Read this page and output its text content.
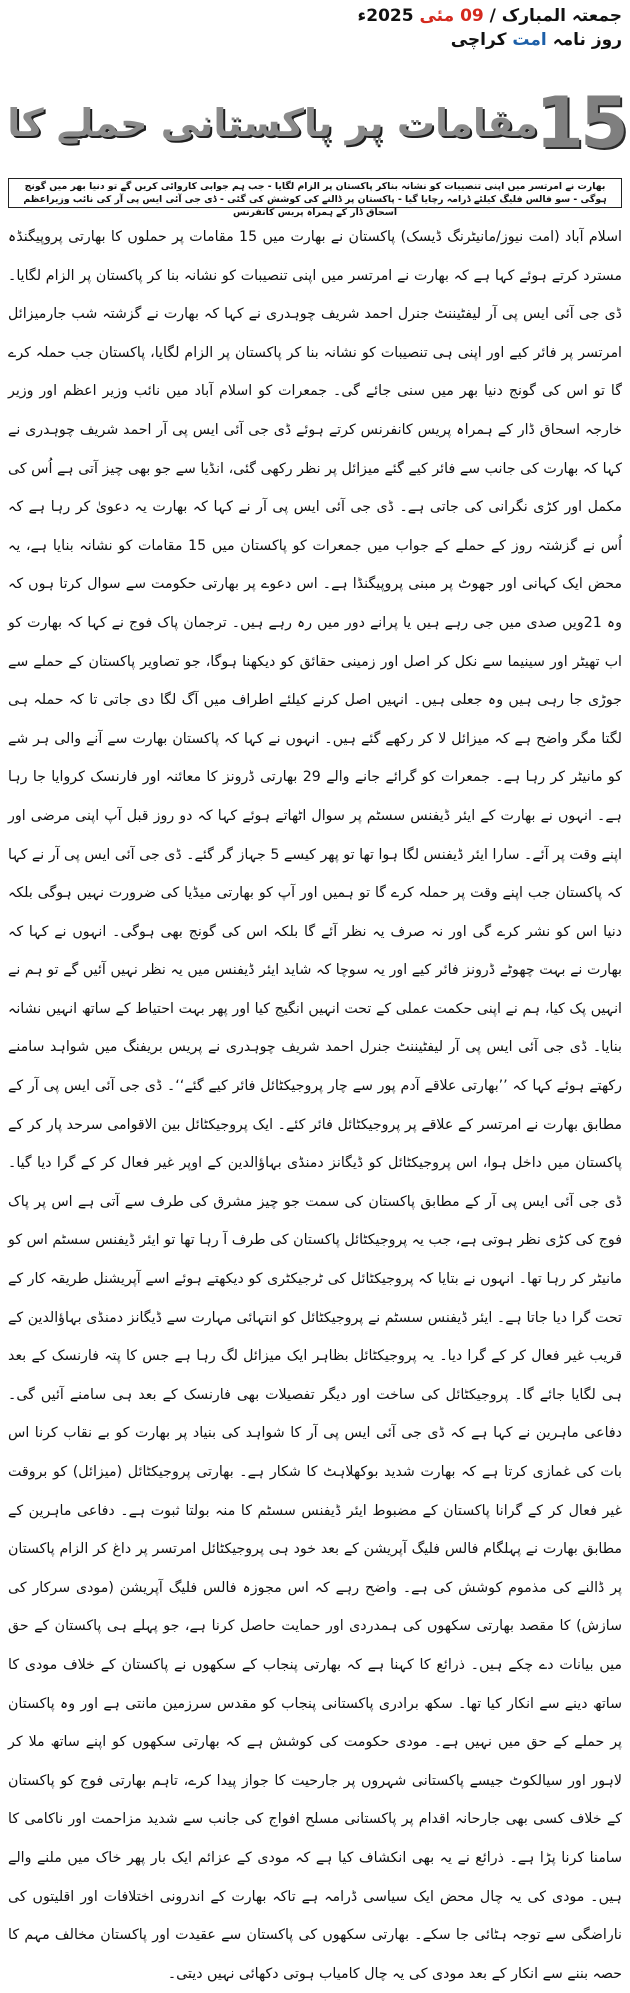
جمعتہ المبارک / 09 مئی 2025ء
روز نامہ امت کراچی
15
مقامات پر پاکستانی حملے کا
بھارت نے امرتسر میں اپنی تنصیبات کو نشانہ بناکر پاکستان پر الزام لگایا - جب ہم جوابی کاروائی کریں گے تو دنیا بھر میں گونج ہوگی - سو فالس فلیگ کیلئے ڈرامہ رچایا گیا - پاکستان پر ڈالنے کی کوشش کی گئی - ڈی جی آئی ایس پی آر کی نائب وزیراعظم اسحاق ڈار کے ہمراہ پریس کانفرنس

اسلام آباد (امت نیوز/مانیٹرنگ ڈیسک) پاکستان نے بھارت میں 15 مقامات پر حملوں کا بھارتی پروپیگنڈہ مسترد کرتے ہوئے کہا ہے کہ بھارت نے امرتسر میں اپنی تنصیبات کو نشانہ بنا کر پاکستان پر الزام لگایا۔ ڈی جی آئی ایس پی آر لیفٹیننٹ جنرل احمد شریف چوہدری نے کہا کہ بھارت نے گزشتہ شب جارمیزائل امرتسر پر فائر کیے اور اپنی ہی تنصیبات کو نشانہ بنا کر پاکستان پر الزام لگایا، پاکستان جب حملہ کرے گا تو اس کی گونج دنیا بھر میں سنی جائے گی۔ جمعرات کو اسلام آباد میں نائب وزیر اعظم اور وزیر خارجہ اسحاق ڈار کے ہمراہ پریس کانفرنس کرتے ہوئے ڈی جی آئی ایس پی آر احمد شریف چوہدری نے کہا کہ بھارت کی جانب سے فائر کیے گئے میزائل پر نظر رکھی گئی، انڈیا سے جو بھی چیز آتی ہے اُس کی مکمل اور کڑی نگرانی کی جاتی ہے۔ ڈی جی آئی ایس پی آر نے کہا کہ بھارت یہ دعویٰ کر رہا ہے کہ اُس نے گزشتہ روز کے حملے کے جواب میں جمعرات کو پاکستان میں 15 مقامات کو نشانہ بنایا ہے، یہ محض ایک کہانی اور جھوٹ پر مبنی پروپیگنڈا ہے۔ اس دعوے پر بھارتی حکومت سے سوال کرتا ہوں کہ وہ 21ویں صدی میں جی رہے ہیں یا پرانے دور میں رہ رہے ہیں۔ ترجمان پاک فوج نے کہا کہ بھارت کو اب تھیٹر اور سینیما سے نکل کر اصل اور زمینی حقائق کو دیکھنا ہوگا، جو تصاویر پاکستان کے حملے سے جوڑی جا رہی ہیں وہ جعلی ہیں۔ انہیں اصل کرنے کیلئے اطراف میں آگ لگا دی جاتی تا کہ حملہ ہی لگتا مگر واضح ہے کہ میزائل لا کر رکھے گئے ہیں۔ انہوں نے کہا کہ پاکستان بھارت سے آنے والی ہر شے کو مانیٹر کر رہا ہے۔ جمعرات کو گرائے جانے والے 29 بھارتی ڈرونز کا معائنہ اور فارنسک کروایا جا رہا ہے۔ انہوں نے بھارت کے ایئر ڈیفنس سسٹم پر سوال اٹھاتے ہوئے کہا کہ دو روز قبل آپ اپنی مرضی اور اپنے وقت پر آئے۔ سارا ایئر ڈیفنس لگا ہوا تھا تو پھر کیسے 5 جہاز گر گئے۔ ڈی جی آئی ایس پی آر نے کہا کہ پاکستان جب اپنے وقت پر حملہ کرے گا تو ہمیں اور آپ کو بھارتی میڈیا کی ضرورت نہیں ہوگی بلکہ دنیا اس کو نشر کرے گی اور نہ صرف یہ نظر آئے گا بلکہ اس کی گونج بھی ہوگی۔ انہوں نے کہا کہ بھارت نے بہت چھوٹے ڈرونز فائر کیے اور یہ سوچا کہ شاید ایئر ڈیفنس میں یہ نظر نہیں آئیں گے تو ہم نے انہیں پک کیا، ہم نے اپنی حکمت عملی کے تحت انہیں انگیج کیا اور پھر بہت احتیاط کے ساتھ انہیں نشانہ بنایا۔ ڈی جی آئی ایس پی آر لیفٹیننٹ جنرل احمد شریف چوہدری نے پریس بریفنگ میں شواہد سامنے رکھتے ہوئے کہا کہ ’’بھارتی علاقے آدم پور سے چار پروجیکٹائل فائر کیے گئے‘‘۔ ڈی جی آئی ایس پی آر کے مطابق بھارت نے امرتسر کے علاقے پر پروجیکٹائل فائر کئے۔ ایک پروجیکٹائل بین الاقوامی سرحد پار کر کے پاکستان میں داخل ہوا، اس پروجیکٹائل کو ڈیگانز دمنڈی بہاؤالدین کے اوپر غیر فعال کر کے گرا دیا گیا۔ ڈی جی آئی ایس پی آر کے مطابق پاکستان کی سمت جو چیز مشرق کی طرف سے آتی ہے اس پر پاک فوج کی کڑی نظر ہوتی ہے، جب یہ پروجیکٹائل پاکستان کی طرف آ رہا تھا تو ایئر ڈیفنس سسٹم اس کو مانیٹر کر رہا تھا۔ انہوں نے بتایا کہ پروجیکٹائل کی ٹرجیکٹری کو دیکھتے ہوئے اسے آپریشنل طریقہ کار کے تحت گرا دیا جاتا ہے۔ ایئر ڈیفنس سسٹم نے پروجیکٹائل کو انتہائی مہارت سے ڈیگانز دمنڈی بہاؤالدین کے قریب غیر فعال کر کے گرا دیا۔ یہ پروجیکٹائل بظاہر ایک میزائل لگ رہا ہے جس کا پتہ فارنسک کے بعد ہی لگایا جائے گا۔ پروجیکٹائل کی ساخت اور دیگر تفصیلات بھی فارنسک کے بعد ہی سامنے آئیں گی۔ دفاعی ماہرین نے کہا ہے کہ ڈی جی آئی ایس پی آر کا شواہد کی بنیاد پر بھارت کو بے نقاب کرنا اس بات کی غمازی کرتا ہے کہ بھارت شدید بوکھلاہٹ کا شکار ہے۔ بھارتی پروجیکٹائل (میزائل) کو بروقت غیر فعال کر کے گرانا پاکستان کے مضبوط ایئر ڈیفنس سسٹم کا منہ بولتا ثبوت ہے۔ دفاعی ماہرین کے مطابق بھارت نے پہلگام فالس فلیگ آپریشن کے بعد خود ہی پروجیکٹائل امرتسر پر داغ کر الزام پاکستان پر ڈالنے کی مذموم کوشش کی ہے۔ واضح رہے کہ اس مجوزہ فالس فلیگ آپریشن (مودی سرکار کی سازش) کا مقصد بھارتی سکھوں کی ہمدردی اور حمایت حاصل کرنا ہے، جو پہلے ہی پاکستان کے حق میں بیانات دے چکے ہیں۔ ذرائع کا کہنا ہے کہ بھارتی پنجاب کے سکھوں نے پاکستان کے خلاف مودی کا ساتھ دینے سے انکار کیا تھا۔ سکھ برادری پاکستانی پنجاب کو مقدس سرزمین مانتی ہے اور وہ پاکستان پر حملے کے حق میں نہیں ہے۔ مودی حکومت کی کوشش ہے کہ بھارتی سکھوں کو اپنے ساتھ ملا کر لاہور اور سیالکوٹ جیسے پاکستانی شہروں پر جارحیت کا جواز پیدا کرے، تاہم بھارتی فوج کو پاکستان کے خلاف کسی بھی جارحانہ اقدام پر پاکستانی مسلح افواج کی جانب سے شدید مزاحمت اور ناکامی کا سامنا کرنا پڑا ہے۔ ذرائع نے یہ بھی انکشاف کیا ہے کہ مودی کے عزائم ایک بار پھر خاک میں ملنے والے ہیں۔ مودی کی یہ چال محض ایک سیاسی ڈرامہ ہے تاکہ بھارت کے اندرونی اختلافات اور اقلیتوں کی ناراضگی سے توجہ ہٹائی جا سکے۔ بھارتی سکھوں کی پاکستان سے عقیدت اور پاکستان مخالف مہم کا حصہ بننے سے انکار کے بعد مودی کی یہ چال کامیاب ہوتی دکھائی نہیں دیتی۔
